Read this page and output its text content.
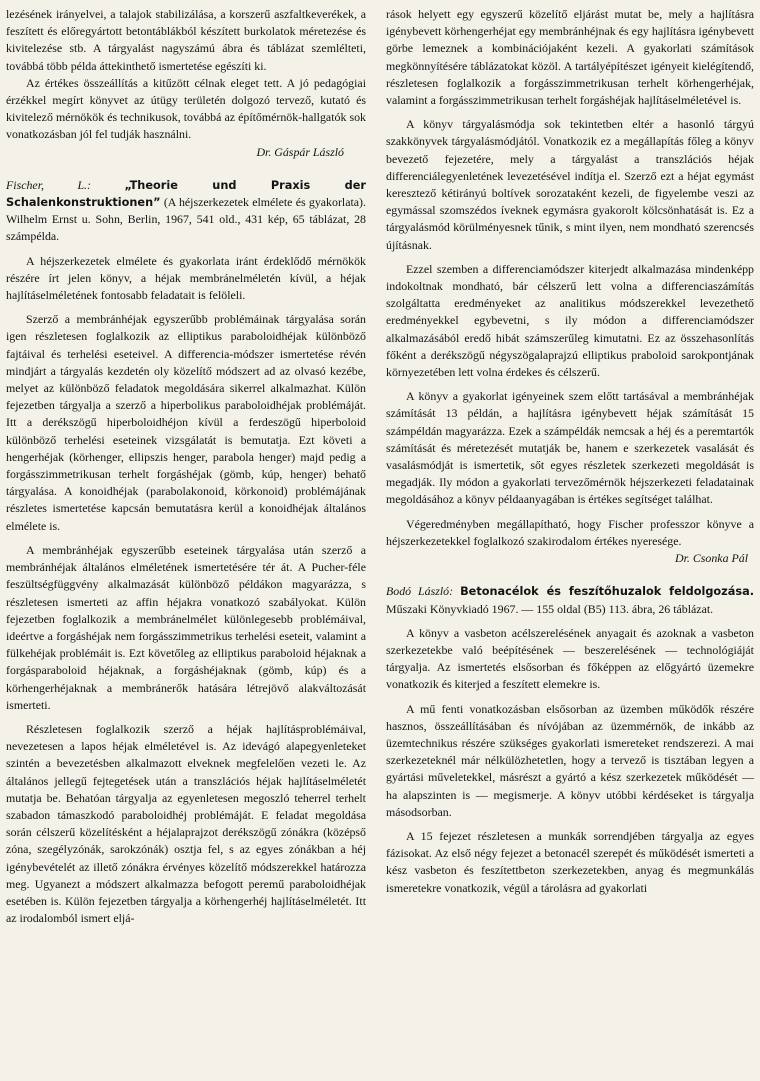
lezésének irányelvei, a talajok stabilizálása, a korszerű aszfaltkeverékek, a feszített és előregyártott betontáblákból készített burkolatok méretezése és kivitelezése stb. A tárgyalást nagyszámú ábra és táblázat szemlélteti, továbbá több példa áttekinthető ismertetése egészíti ki.

Az értékes összeállítás a kitűzött célnak eleget tett. A jó pedagógiai érzékkel megírt könyvet az útügy területén dolgozó tervező, kutató és kivitelező mérnökök és technikusok, továbbá az építőmérnök-hallgatók sok vonatkozásban jól fel tudják használni.

Dr. Gáspár László

Fischer, L.:	„Theorie und Praxis der Schalenkonstruktionen” (A héjszerkezetek elmélete és gyakorlata). Wilhelm Ernst u. Sohn, Berlin, 1967, 541 old., 431 kép, 65 táblázat, 28 számpélda.

A héjszerkezetek elmélete és gyakorlata iránt érdeklődő mérnökök részére írt jelen könyv, a héjak membránelméletén kívül, a héjak hajlításelméletének fontosabb feladatait is felöleli.

Szerző a membránhéjak egyszerűbb problémáinak tárgyalása során igen részletesen foglalkozik az elliptikus paraboloidhéjak különböző fajtáival és terhelési eseteivel. A differencia-módszer ismertetése révén mindjárt a tárgyalás kezdetén oly közelítő módszert ad az olvasó kezébe, melyet az különböző feladatok megoldására sikerrel alkalmazhat. Külön fejezetben tárgyalja a szerző a hiperbolikus paraboloidhéjak problémáját. Itt a derékszögű hiperboloidhéjon kívül a ferdeszögű hiperboloid különböző terhelési eseteinek vizsgálatát is bemutatja. Ezt követi a hengerhéjak (körhenger, ellipszis henger, parabola henger) majd pedig a forgásszimmetrikusan terhelt forgáshéjak (gömb, kúp, henger) behatő tárgyalása. A konoidhéjak (parabolakonoid, körkonoid) problémájának részletes ismertetése kapcsán bemutatásra kerül a konoidhéjak általános elmélete is.

A membránhéjak egyszerűbb eseteinek tárgyalása után szerző a membránhéjak általános elméletének ismertetésére tér át. A Pucher-féle feszültségfüggvény alkalmazását különböző példákon magyarázza, s részletesen ismerteti az affin héjakra vonatkozó szabályokat. Külön fejezetben foglalkozik a membránelmélet különlegesebb problémáival, ideértve a forgáshéjak nem forgásszimmetrikus terhelési eseteit, valamint a fülkehéjak problémáit is. Ezt követőleg az elliptikus paraboloid héjaknak a forgásparaboloid héjaknak, a forgáshéjaknak (gömb, kúp) és a körhengerhéjaknak a membránerők hatására létrejövő alakváltozását ismerteti.

Részletesen foglalkozik szerző a héjak hajlításproblémáival, nevezetesen a lapos héjak elméletével is. Az idevágó alapegyenleteket szintén a bevezetésben alkalmazott elveknek megfelelően vezeti le. Az általános jellegű fejtegetések után a transzlációs héjak hajlításelméletét mutatja be. Behatóan tárgyalja az egyenletesen megoszló teherrel terhelt szabadon támaszkodó paraboloidhéj problémáját. E feladat megoldása során célszerű közelítésként a héjalaprajzot derékszögű zónákra (középső zóna, szegélyzónák, sarokzónák) osztja fel, s az egyes zónákban a héj igénybevételét az illető zónákra érvényes közelítő módszerekkel határozza meg. Ugyanezt a módszert alkalmazza befogott peremű paraboloidhéjak esetében is. Külön fejezetben tárgyalja a körhengerhéj hajlításelméletét. Itt az irodalomból ismert eljá-

rások helyett egy egyszerű közelítő eljárást mutat be, mely a hajlításra igénybevett körhengerhéjat egy membránhéjnak és egy hajlításra igénybevett görbe lemeznek a kombinációjaként kezeli. A gyakorlati számítások megkönnyítésére táblázatokat közöl. A tartályépítészet igényeit kielégítendő, részletesen foglalkozik a forgásszimmetrikusan terhelt körhengerhéjak, valamint a forgásszimmetrikusan terhelt forgáshéjak hajlításelméletével is.

A könyv tárgyalásmódja sok tekintetben eltér a hasonló tárgyú szakkönyvek tárgyalásmódjától. Vonatkozik ez a megállapítás főleg a könyv bevezető fejezetére, mely a tárgyalást a transzlációs héjak differenciálegyenletének levezetésével indítja el. Szerző ezt a héjat egymást keresztező kétirányú boltívek sorozataként kezeli, de figyelembe veszi az egymással szomszédos íveknek egymásra gyakorolt kölcsönhatását is. Ez a tárgyalásmód körülményesnek tűnik, s mint ilyen, nem mondható szerencsés újításnak.

Ezzel szemben a differenciamódszer kiterjedt alkalmazása mindenképp indokoltnak mondható, bár célszerű lett volna a differenciaszámítás szolgáltatta eredményeket az analitikus módszerekkel levezethető eredményekkel egybevetni, s ily módon a differenciamódszer alkalmazásából eredő hibát számszerűleg kimutatni. Ez az összehasonlítás főként a derékszögű négyszögalaprajzú elliptikus praboloid sarokpontjának környezetében lett volna érdekes és célszerű.

A könyv a gyakorlat igényeinek szem előtt tartásával a membránhéjak számítását 13 példán, a hajlításra igénybevett héjak számítását 15 számpéldán magyarázza. Ezek a számpéldák nemcsak a héj és a peremtartók számítását és méretezését mutatják be, hanem e szerkezetek vasalását és vasalásmódját is ismertetik, sőt egyes részletek szerkezeti megoldását is megadják. Ily módon a gyakorlati tervezőmérnök héjszerkezeti feladatainak megoldásához a könyv példaanyagában is értékes segítséget találhat.

Végeredményben megállapítható, hogy Fischer professzor könyve a héjszerkezetekkel foglalkozó szakirodalom értékes nyeresége.

Dr. Csonka Pál

Bodó László: Betonacélok és feszítőhuzalok feldolgozása. Műszaki Könyvkiadó 1967. — 155 oldal (B5) 113. ábra, 26 táblázat.

A könyv a vasbeton acélszerelésének anyagait és azoknak a vasbeton szerkezetekbe való beépítésének — beszerelésének — technológiáját tárgyalja. Az ismertetés elsősorban és főképpen az előgyártó üzemekre vonatkozik és kiterjed a feszített elemekre is.

A mű fenti vonatkozásban elsősorban az üzemben működők részére hasznos, összeállításában és nívójában az üzemmérnök, de inkább az üzemtechnikus részére szükséges gyakorlati ismereteket rendszerezi. A mai szerkezeteknél már nélkülözhetetlen, hogy a tervező is tisztában legyen a gyártási műveletekkel, másrészt a gyártó a kész szerkezetek működését — ha alapszinten is — megismerje. A könyv utóbbi kérdéseket is tárgyalja másodsorban.

A 15 fejezet részletesen a munkák sorrendjében tárgyalja az egyes fázisokat. Az első négy fejezet a betonacél szerepét és működését ismerteti a kész vasbeton és feszítettbeton szerkezetekben, anyag és megmunkálás ismeretekre vonatkozik, végül a tárolásra ad gyakorlati
